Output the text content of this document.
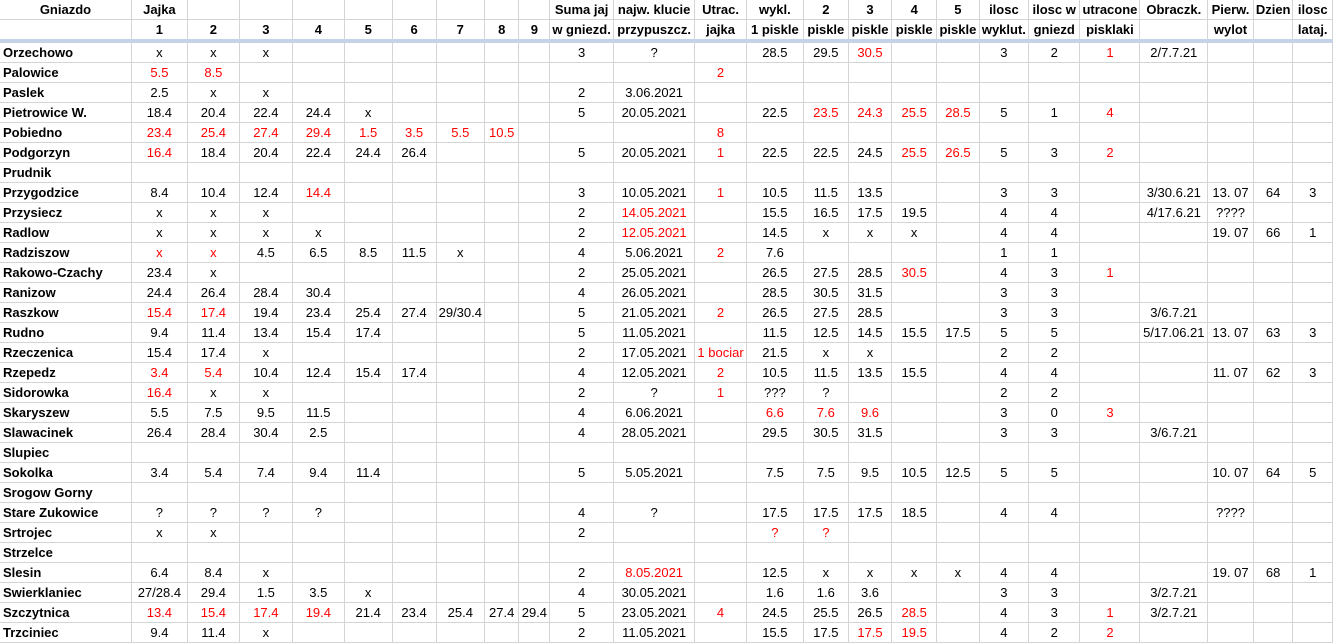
Gniazdo	Jajka									Suma jaj	najw. klucie	Utrac.	wykl.	2	3	4	5	ilosc	ilosc w	utracone	Obraczk.	Pierw.	Dzien	ilosc
	1	2	3	4	5	6	7	8	9	w gniezd.	przypuszcz.	jajka	1 piskle	piskle	piskle	piskle	piskle	wyklut.	gniezd	pisklaki		wylot		lataj.
Orzechowo	x	x	x							3	?		28.5	29.5	30.5			3	2	1	2/7.7.21			
Palowice	5.5	8.5										2												
Paslek	2.5	x	x							2	3.06.2021													
Pietrowice W.	18.4	20.4	22.4	24.4	x					5	20.05.2021		22.5	23.5	24.3	25.5	28.5	5	1	4				
Pobiedno	23.4	25.4	27.4	29.4	1.5	3.5	5.5	10.5				8												
Podgorzyn	16.4	18.4	20.4	22.4	24.4	26.4				5	20.05.2021	1	22.5	22.5	24.5	25.5	26.5	5	3	2				
Prudnik																								
Przygodzice	8.4	10.4	12.4	14.4						3	10.05.2021	1	10.5	11.5	13.5			3	3		3/30.6.21	13. 07	64	3
Przysiecz	x	x	x							2	14.05.2021		15.5	16.5	17.5	19.5		4	4		4/17.6.21	????		
Radlow	x	x	x	x						2	12.05.2021		14.5	x	x	x		4	4			19. 07	66	1
Radziszow	x	x	4.5	6.5	8.5	11.5	x			4	5.06.2021	2	7.6					1	1					
Rakowo-Czachy	23.4	x								2	25.05.2021		26.5	27.5	28.5	30.5		4	3	1				
Ranizow	24.4	26.4	28.4	30.4						4	26.05.2021		28.5	30.5	31.5			3	3					
Raszkow	15.4	17.4	19.4	23.4	25.4	27.4	29/30.4			5	21.05.2021	2	26.5	27.5	28.5			3	3		3/6.7.21			
Rudno	9.4	11.4	13.4	15.4	17.4					5	11.05.2021		11.5	12.5	14.5	15.5	17.5	5	5		5/17.06.21	13. 07	63	3
Rzeczenica	15.4	17.4	x							2	17.05.2021	1 bociar	21.5	x	x			2	2					
Rzepedz	3.4	5.4	10.4	12.4	15.4	17.4				4	12.05.2021	2	10.5	11.5	13.5	15.5		4	4			11. 07	62	3
Sidorowka	16.4	x	x							2	?	1	???	?				2	2					
Skaryszew	5.5	7.5	9.5	11.5						4	6.06.2021		6.6	7.6	9.6			3	0	3				
Slawacinek	26.4	28.4	30.4	2.5						4	28.05.2021		29.5	30.5	31.5			3	3		3/6.7.21			
Slupiec																								
Sokolka	3.4	5.4	7.4	9.4	11.4					5	5.05.2021		7.5	7.5	9.5	10.5	12.5	5	5			10. 07	64	5
Srogow Gorny																								
Stare Zukowice	?	?	?	?						4	?		17.5	17.5	17.5	18.5		4	4			????		
Srtrojec	x	x								2			?	?										
Strzelce																								
Slesin	6.4	8.4	x							2	8.05.2021		12.5	x	x	x	x	4	4			19. 07	68	1
Swierklaniec	27/28.4	29.4	1.5	3.5	x					4	30.05.2021		1.6	1.6	3.6			3	3		3/2.7.21			
Szczytnica	13.4	15.4	17.4	19.4	21.4	23.4	25.4	27.4	29.4	5	23.05.2021	4	24.5	25.5	26.5	28.5		4	3	1	3/2.7.21			
Trzciniec	9.4	11.4	x							2	11.05.2021		15.5	17.5	17.5	19.5		4	2	2				
